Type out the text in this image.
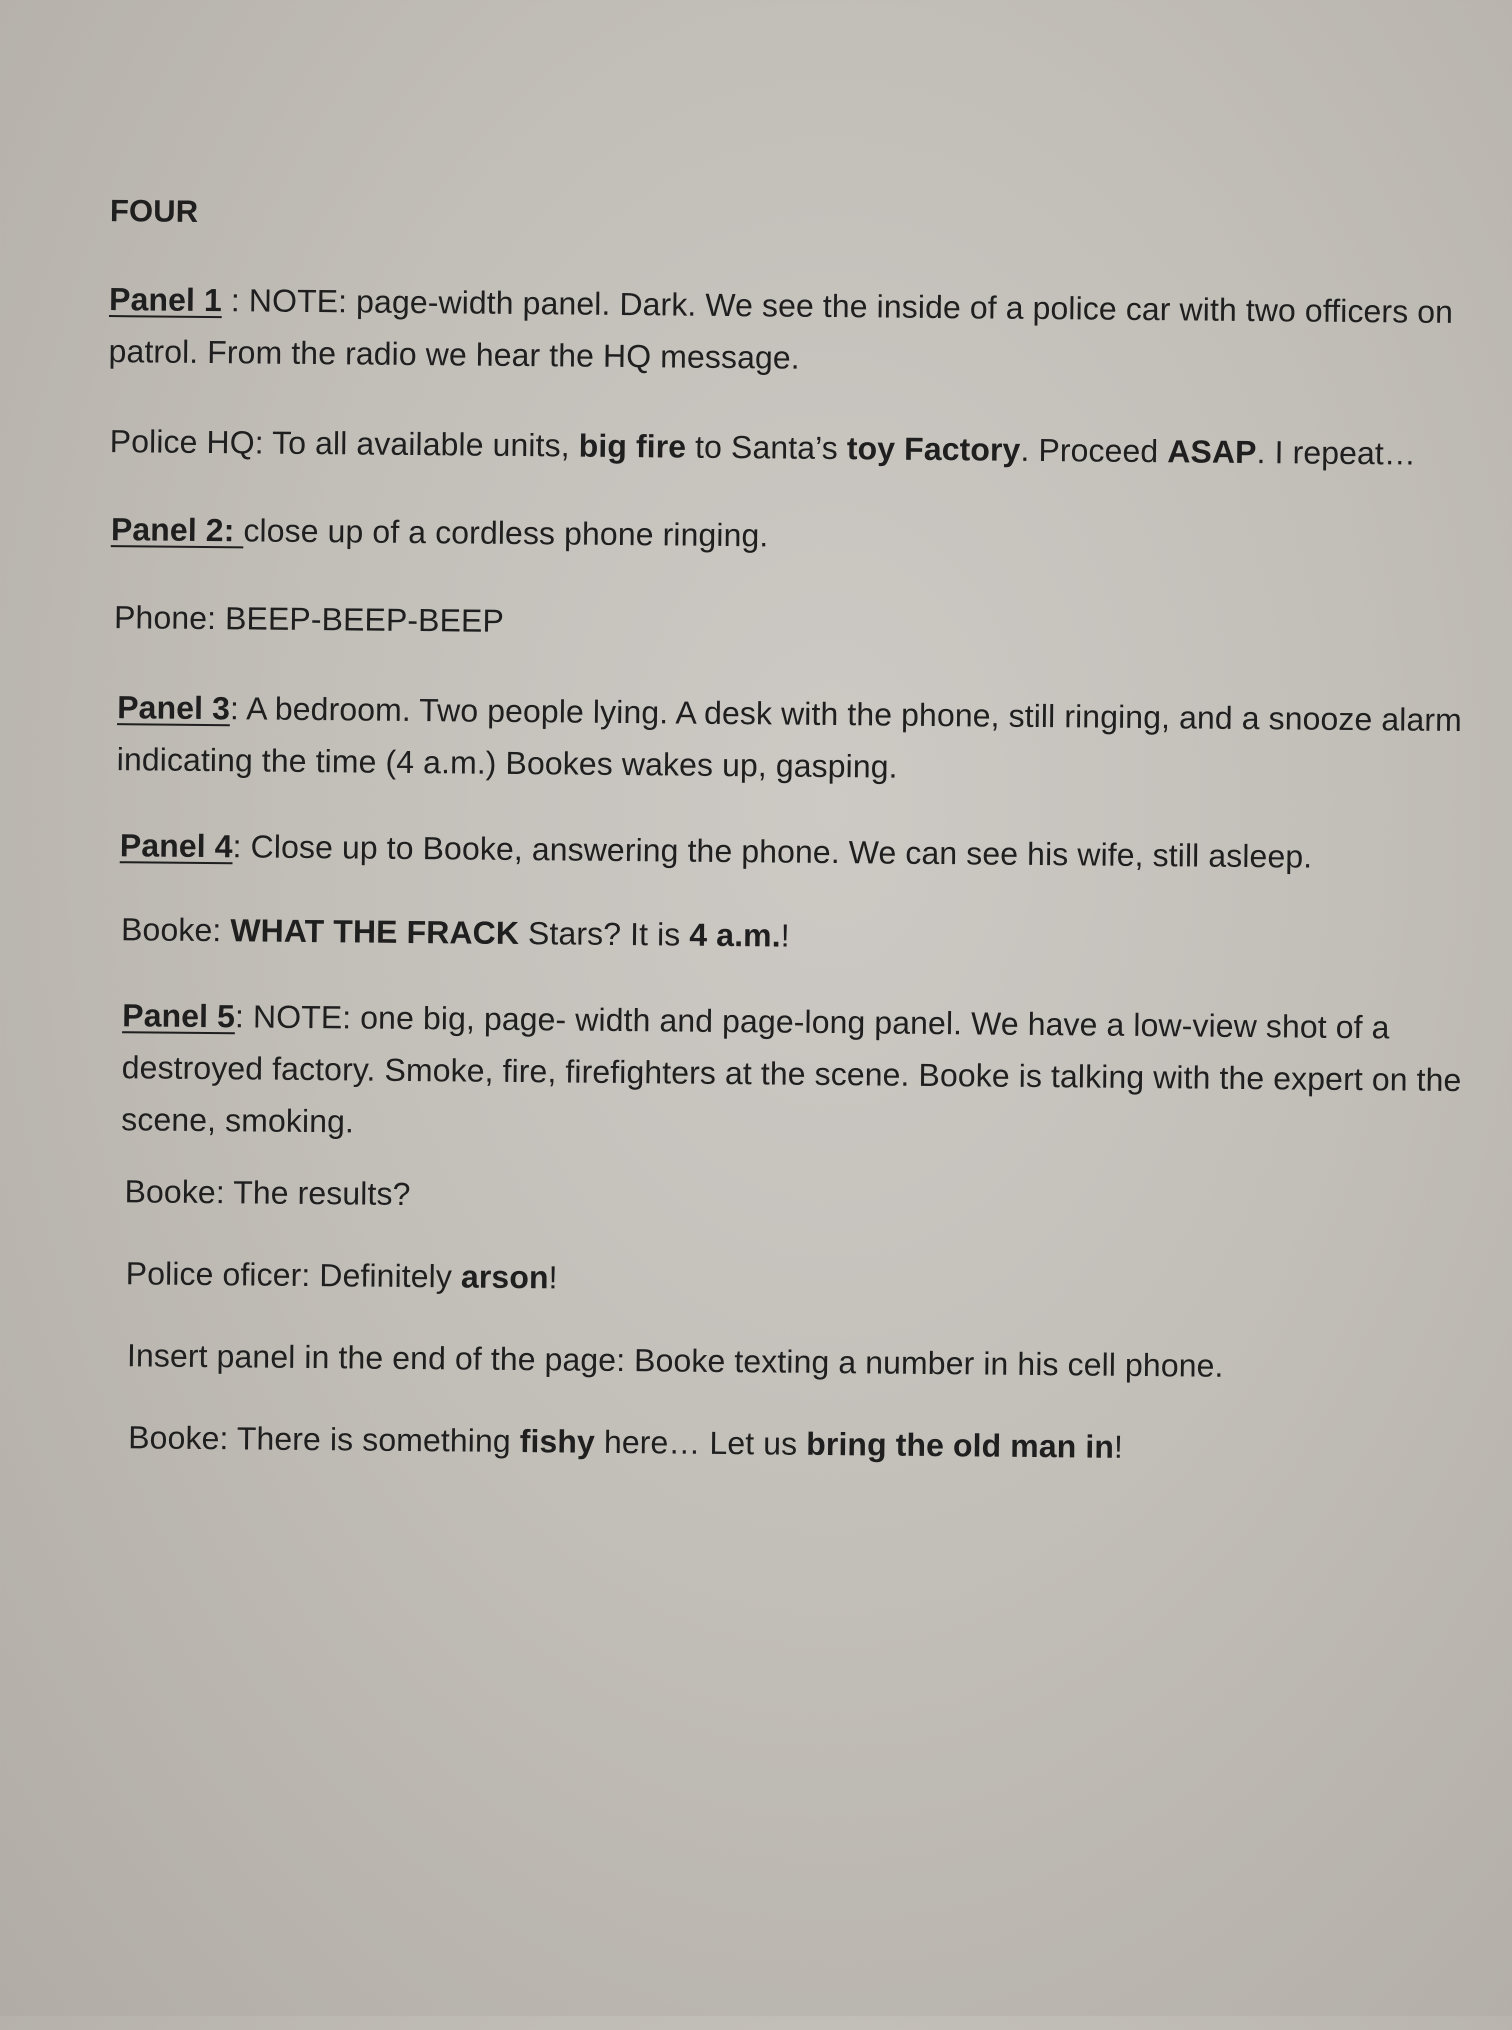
FOUR

Panel 1 : NOTE: page-width panel. Dark. We see the inside of a police car with two officers on patrol. From the radio we hear the HQ message.

Police HQ: To all available units, big fire to Santa’s toy Factory. Proceed ASAP. I repeat…

Panel 2: close up of a cordless phone ringing.

Phone: BEEP-BEEP-BEEP

Panel 3: A bedroom. Two people lying. A desk with the phone, still ringing, and a snooze alarm indicating the time (4 a.m.) Bookes wakes up, gasping.

Panel 4: Close up to Booke, answering the phone. We can see his wife, still asleep.

Booke: WHAT THE FRACK Stars? It is 4 a.m.!

Panel 5: NOTE: one big, page- width and page-long panel. We have a low-view shot of a destroyed factory. Smoke, fire, firefighters at the scene. Booke is talking with the expert on the scene, smoking.

Booke: The results?

Police oficer: Definitely arson!

Insert panel in the end of the page: Booke texting a number in his cell phone.

Booke: There is something fishy here… Let us bring the old man in!
